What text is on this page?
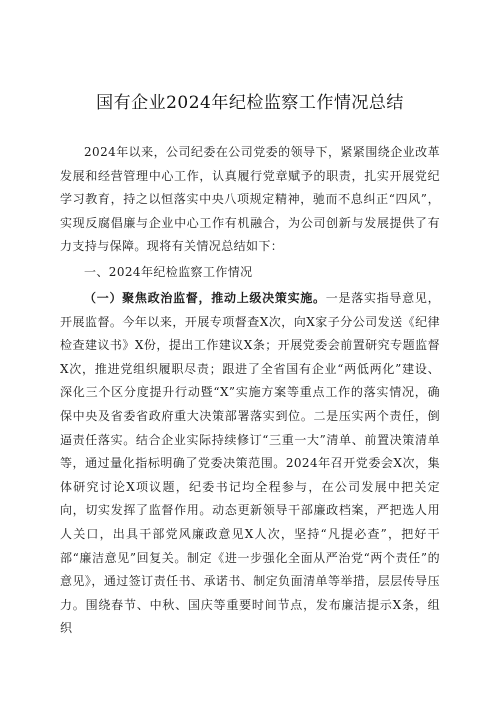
国有企业2024年纪检监察工作情况总结

2024年以来，公司纪委在公司党委的领导下，紧紧围绕企业改革发展和经营管理中心工作，认真履行党章赋予的职责，扎实开展党纪学习教育，持之以恒落实中央八项规定精神，驰而不息纠正“四风”，实现反腐倡廉与企业中心工作有机融合，为公司创新与发展提供了有力支持与保障。现将有关情况总结如下：

一、2024年纪检监察工作情况

（一）聚焦政治监督，推动上级决策实施。一是落实指导意见，开展监督。今年以来，开展专项督查X次，向X家子分公司发送《纪律检查建议书》X份，提出工作建议X条；开展党委会前置研究专题监督X次，推进党组织履职尽责；跟进了全省国有企业“两低两化”建设、深化三个区分度提升行动暨“X”实施方案等重点工作的落实情况，确保中央及省委省政府重大决策部署落实到位。二是压实两个责任，倒逼责任落实。结合企业实际持续修订“三重一大”清单、前置决策清单等，通过量化指标明确了党委决策范围。2024年召开党委会X次，集体研究讨论X项议题，纪委书记均全程参与，在公司发展中把关定向，切实发挥了监督作用。动态更新领导干部廉政档案，严把选人用人关口，出具干部党风廉政意见X人次，坚持“凡提必查”，把好干部“廉洁意见”回复关。制定《进一步强化全面从严治党“两个责任”的意见》，通过签订责任书、承诺书、制定负面清单等举措，层层传导压力。围绕春节、中秋、国庆等重要时间节点，发布廉洁提示X条，组织
